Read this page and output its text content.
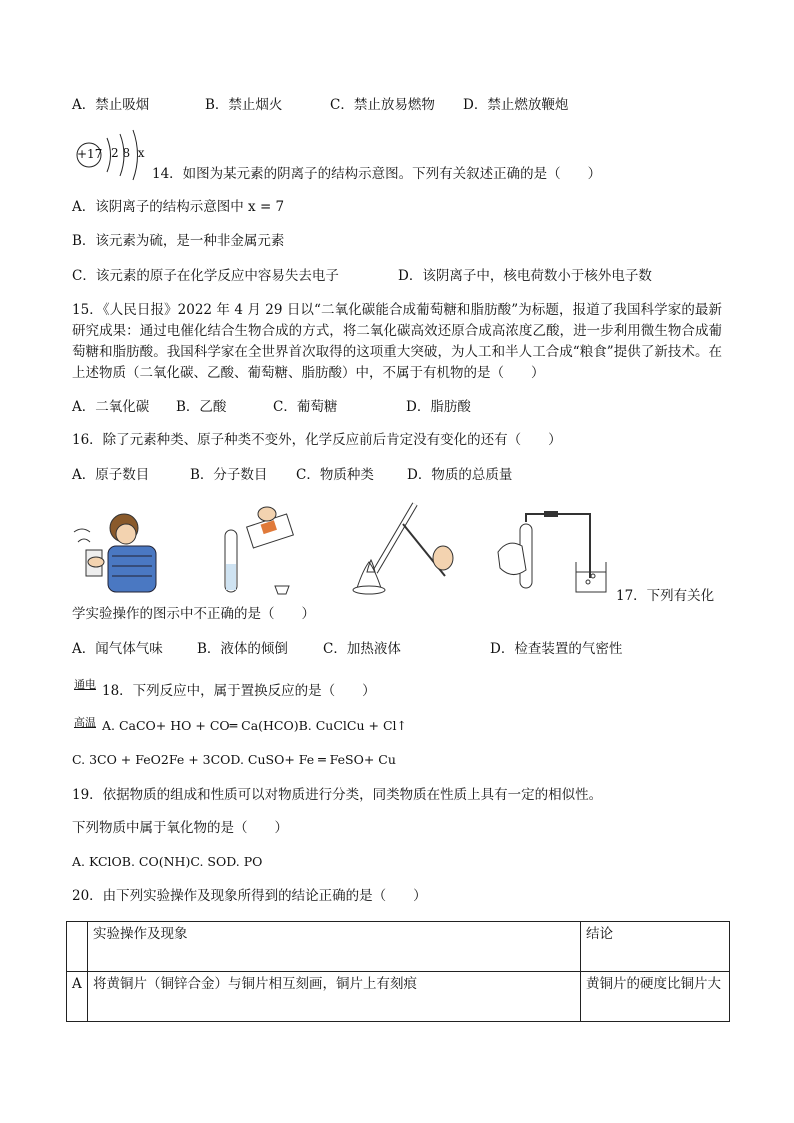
A．禁止吸烟	B．禁止烟火	C．禁止放易燃物 D．禁止燃放鞭炮
+17 2 8  x
14．如图为某元素的阴离子的结构示意图。下列有关叙述正确的是（　　）
A．该阴离子的结构示意图中 x = 7
B．该元素为硫，是一种非金属元素
C．该元素的原子在化学反应中容易失去电子	D．该阴离子中，核电荷数小于核外电子数
15．《人民日报》2022 年 4 月 29 日以“二氧化碳能合成葡萄糖和脂肪酸”为标题，报道了我国科学家的最新研究成果：通过电催化结合生物合成的方式，将二氧化碳高效还原合成高浓度乙酸，进一步利用微生物合成葡萄糖和脂肪酸。我国科学家在全世界首次取得的这项重大突破，为人工和半人工合成“粮食”提供了新技术。在上述物质（二氧化碳、乙酸、葡萄糖、脂肪酸）中，不属于有机物的是（　　）
A．二氧化碳 B．乙酸	C．葡萄糖	D．脂肪酸
16．除了元素种类、原子种类不变外，化学反应前后肯定没有变化的还有（　　）
A．原子数目	B．分子数目 C．物质种类 D．物质的总质量
17．下列有关化
学实验操作的图示中不正确的是（　　）
A．闻气体气味	B．液体的倾倒	C．加热液体	D．检查装置的气密性
通电 18．下列反应中，属于置换反应的是（　　）
高温 A. CaCO+ HO + CO═ Ca(HCO)B. CuClCu + Cl↑
C. 3CO + FeO2Fe + 3COD. CuSO+ Fe ═ FeSO+ Cu
19．依据物质的组成和性质可以对物质进行分类，同类物质在性质上具有一定的相似性。
下列物质中属于氧化物的是（　　）
A. KClOB. CO(NH)C. SOD. PO
20．由下列实验操作及现象所得到的结论正确的是（　　）
	实验操作及现象	结论
A	将黄铜片（铜锌合金）与铜片相互刻画，铜片上有刻痕	黄铜片的硬度比铜片大
